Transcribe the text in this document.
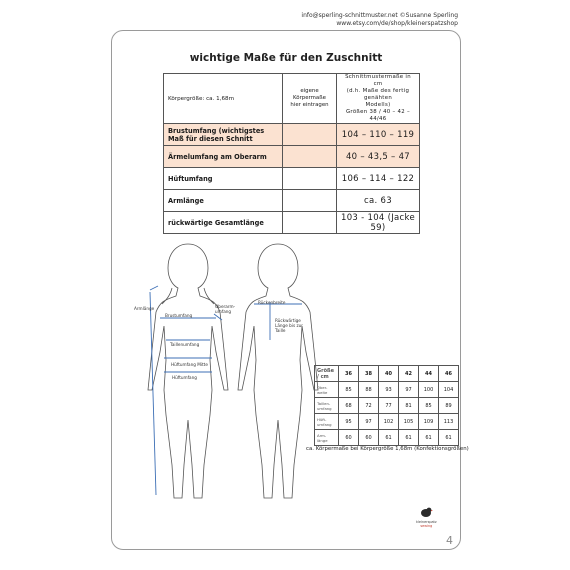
info@sperling-schnittmuster.net ©Susanne Sperling
www.etsy.com/de/shop/kleinerspatzshop
wichtige Maße für den Zuschnitt
Körpergröße: ca. 1,68m	eigene Körpermaße hier eintragen	Schnittmustermaße in cm
(d.h. Maße des fertig genähten
Modells)
Größen 38 / 40 – 42 – 44/46

Brustumfang (wichtigstes Maß für diesen Schnitt		104 – 110 – 119
Ärmelumfang am Oberarm		40 – 43,5 – 47
Hüftumfang		106 – 114 – 122
Armlänge		ca. 63
rückwärtige Gesamtlänge		103 - 104 (Jacke 59)
Armlänge	Oberarm-umfang
Brustumfang
Taillenumfang
Hüftumfang Mitte
Hüftumfang
Rückenbreite
Rückwärtige Länge bis zur Taille
Größe / cm	36	38	40	42	44	46
Ober-weite	85	88	93	97	100	104
Taillen-umfang	68	72	77	81	85	89
Hüft-umfang	95	97	102	105	109	113
Arm-länge	60	60	61	61	61	61
ca. Körpermaße bei Körpergröße 1,68m (Konfektionsgrößen)
kleinerspatz
sewing
4
